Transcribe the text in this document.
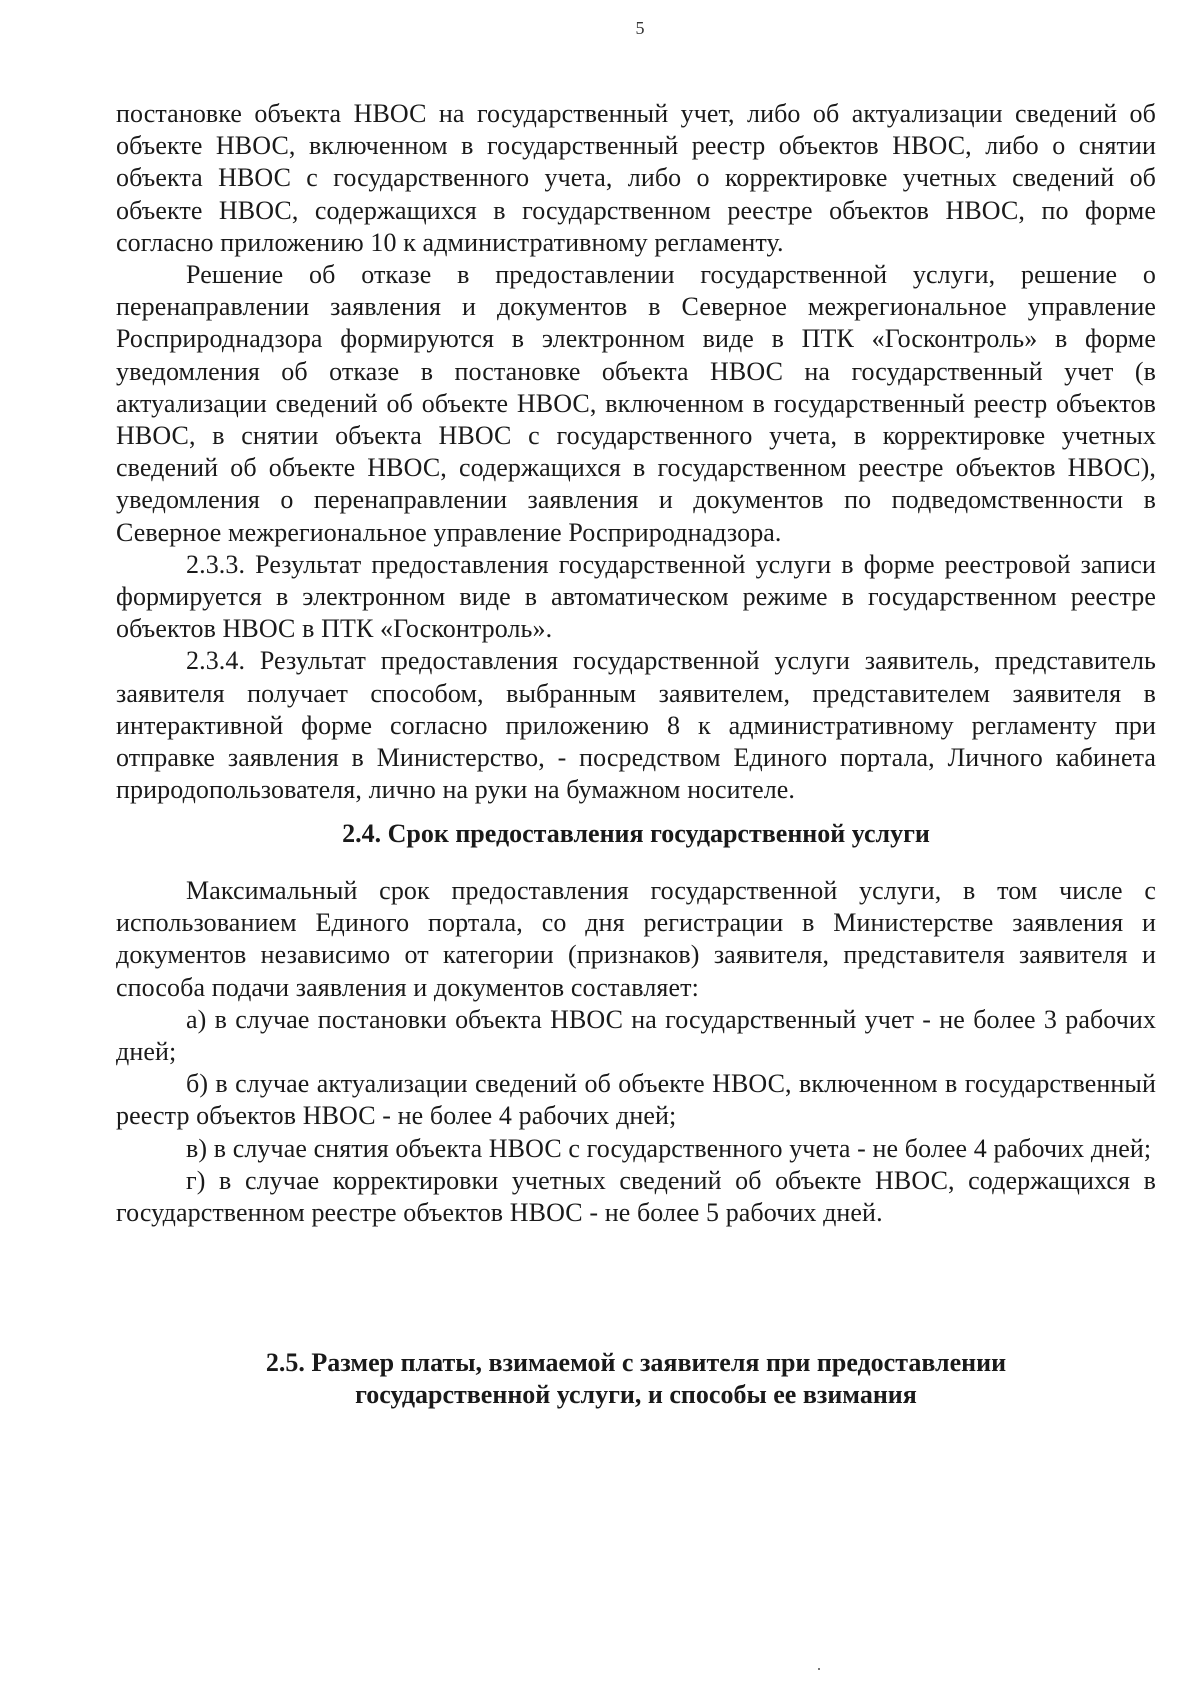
5

постановке объекта НВОС на государственный учет, либо об актуализации сведений об объекте НВОС, включенном в государственный реестр объектов НВОС, либо о снятии объекта НВОС с государственного учета, либо о корректировке учетных сведений об объекте НВОС, содержащихся в государственном реестре объектов НВОС, по форме согласно приложению 10 к административному регламенту.

Решение об отказе в предоставлении государственной услуги, решение о перенаправлении заявления и документов в Северное межрегиональное управление Росприроднадзора формируются в электронном виде в ПТК «Госконтроль» в форме уведомления об отказе в постановке объекта НВОС на государственный учет (в актуализации сведений об объекте НВОС, включенном в государственный реестр объектов НВОС, в снятии объекта НВОС с государственного учета, в корректировке учетных сведений об объекте НВОС, содержащихся в государственном реестре объектов НВОС), уведомления о перенаправлении заявления и документов по подведомственности в Северное межрегиональное управление Росприроднадзора.

2.3.3. Результат предоставления государственной услуги в форме реестровой записи формируется в электронном виде в автоматическом режиме в государственном реестре объектов НВОС в ПТК «Госконтроль».

2.3.4. Результат предоставления государственной услуги заявитель, представитель заявителя получает способом, выбранным заявителем, представителем заявителя в интерактивной форме согласно приложению 8 к административному регламенту при отправке заявления в Министерство, - посредством Единого портала, Личного кабинета природопользователя, лично на руки на бумажном носителе.

2.4. Срок предоставления государственной услуги

Максимальный срок предоставления государственной услуги, в том числе с использованием Единого портала, со дня регистрации в Министерстве заявления и документов независимо от категории (признаков) заявителя, представителя заявителя и способа подачи заявления и документов составляет:

а) в случае постановки объекта НВОС на государственный учет - не более 3 рабочих дней;

б) в случае актуализации сведений об объекте НВОС, включенном в государственный реестр объектов НВОС - не более 4 рабочих дней;

в) в случае снятия объекта НВОС с государственного учета - не более 4 рабочих дней;

г) в случае корректировки учетных сведений об объекте НВОС, содержащихся в государственном реестре объектов НВОС - не более 5 рабочих дней.

2.5. Размер платы, взимаемой с заявителя при предоставлении
государственной услуги, и способы ее взимания
